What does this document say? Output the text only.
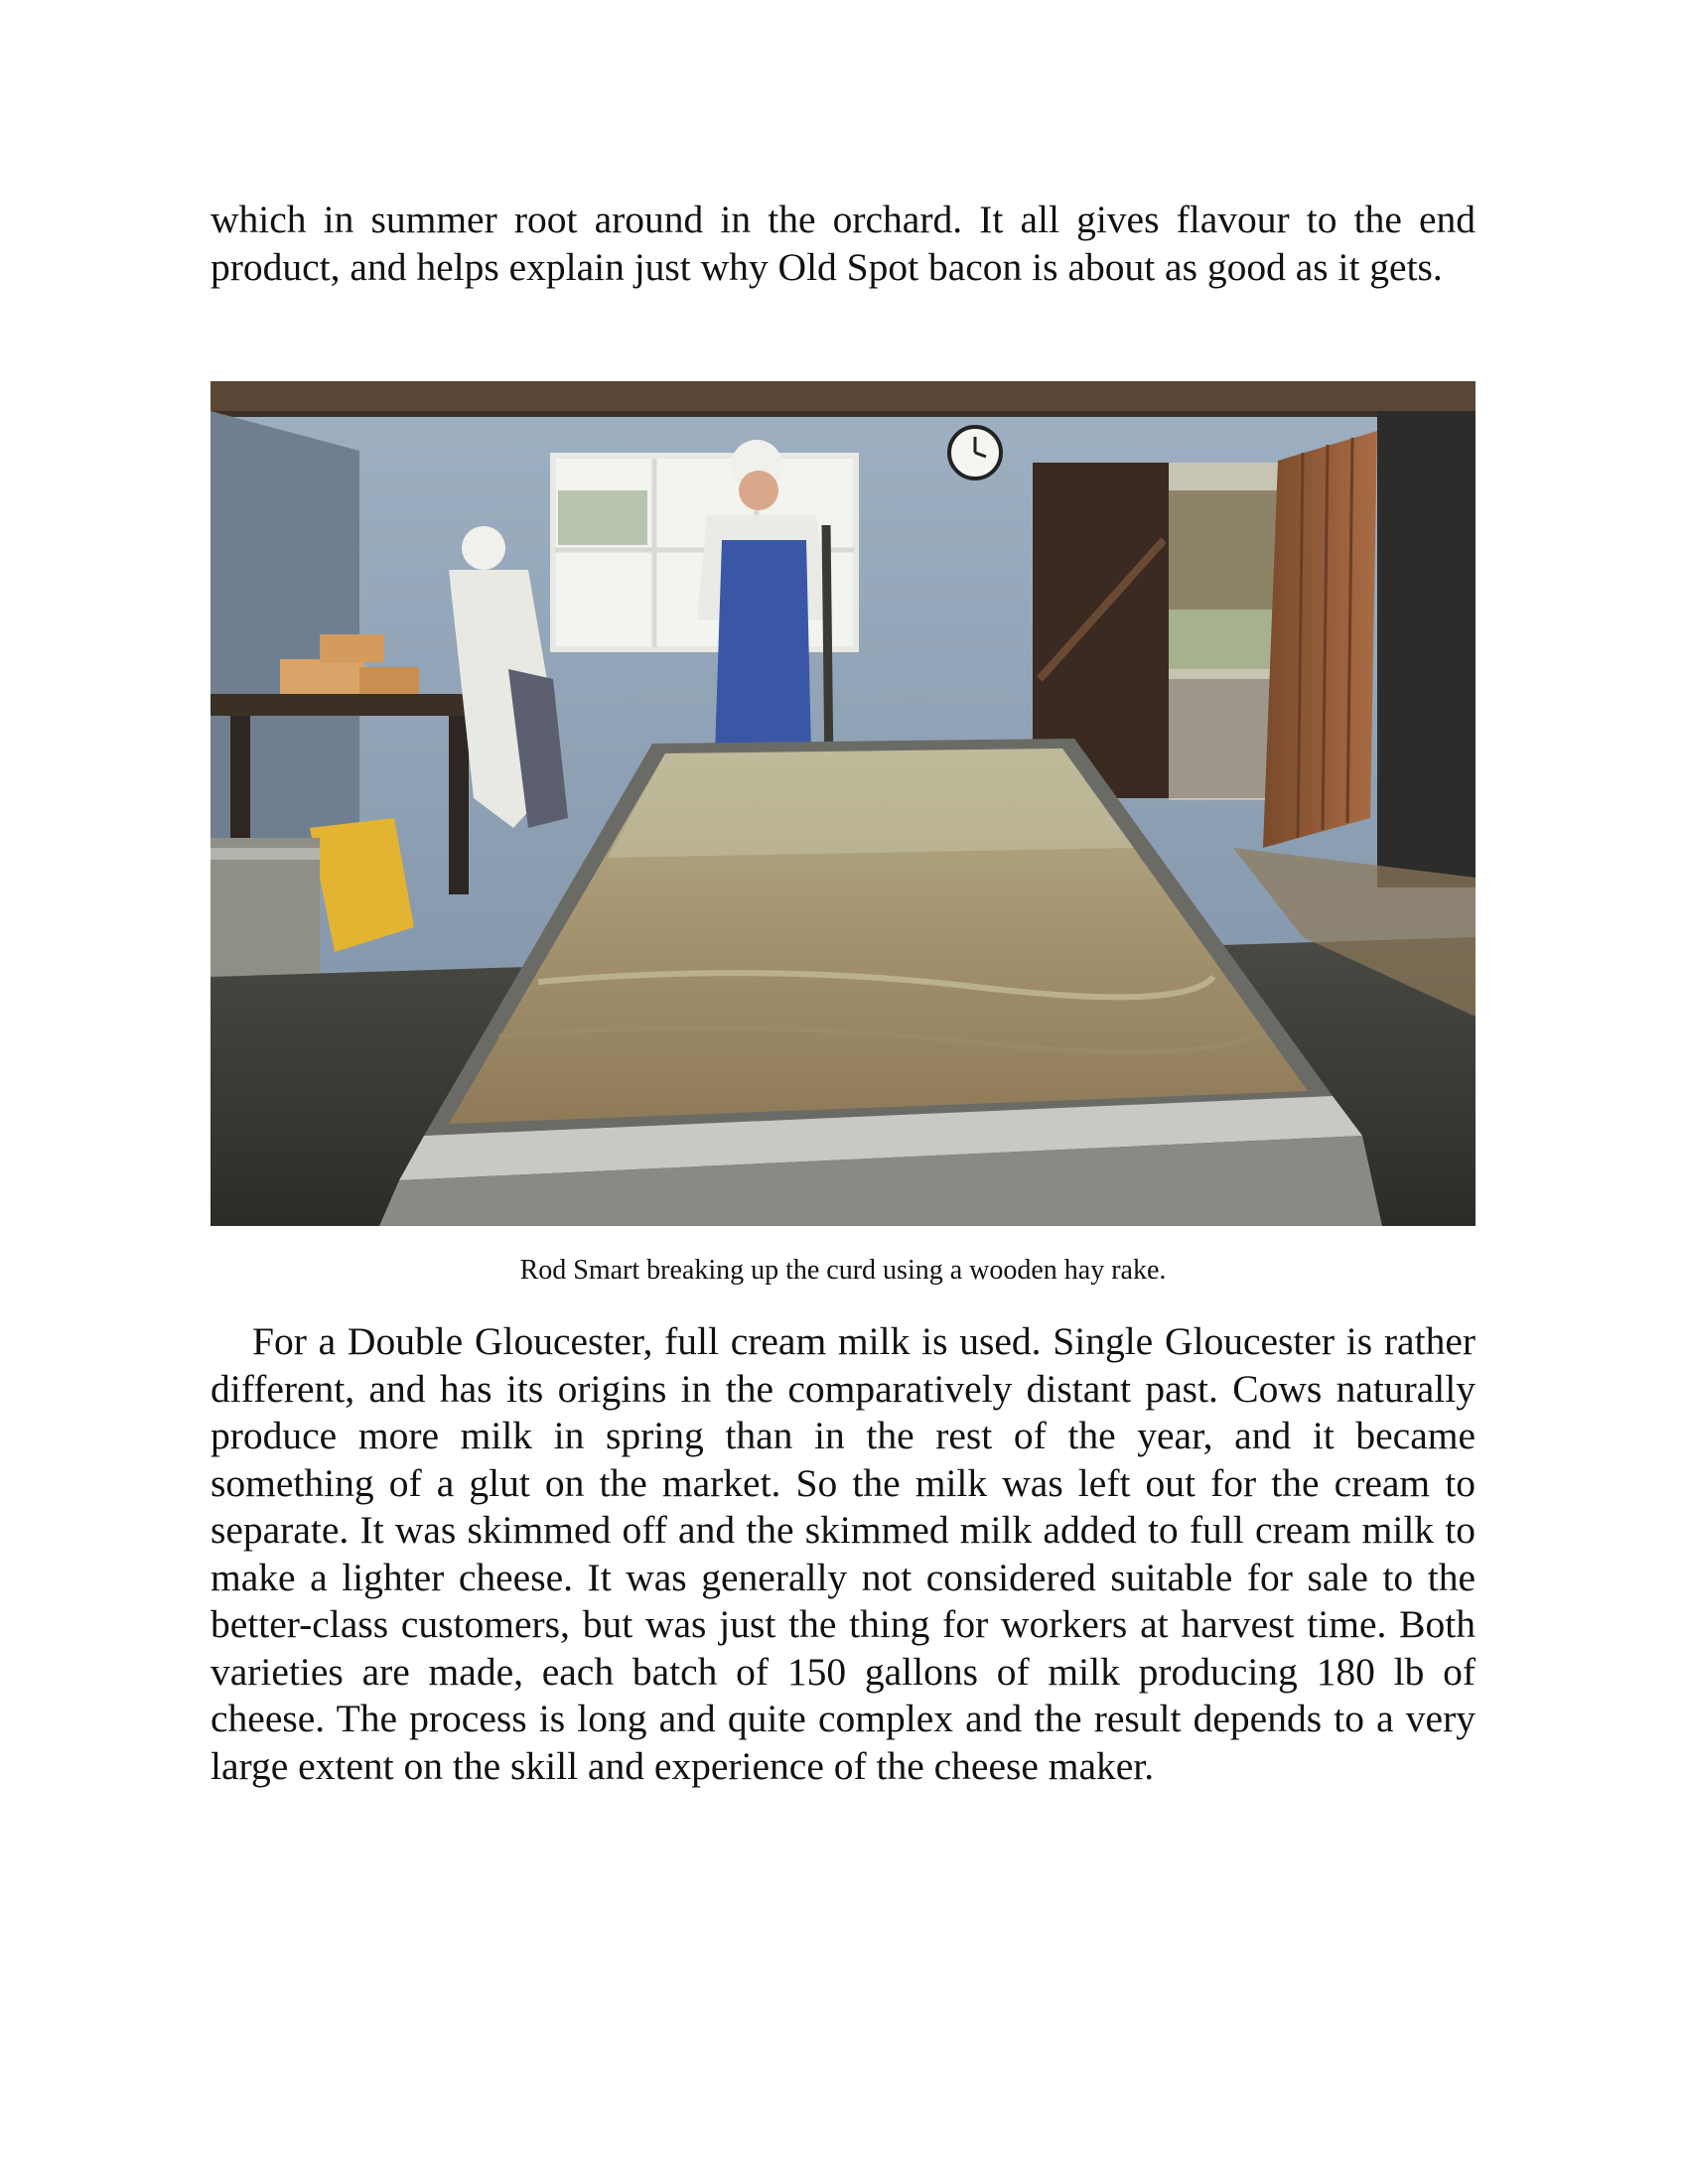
which in summer root around in the orchard. It all gives flavour to the end product, and helps explain just why Old Spot bacon is about as good as it gets.

Rod Smart breaking up the curd using a wooden hay rake.

For a Double Gloucester, full cream milk is used. Single Gloucester is rather different, and has its origins in the comparatively distant past. Cows naturally produce more milk in spring than in the rest of the year, and it became something of a glut on the market. So the milk was left out for the cream to separate. It was skimmed off and the skimmed milk added to full cream milk to make a lighter cheese. It was generally not considered suitable for sale to the better-class customers, but was just the thing for workers at harvest time. Both varieties are made, each batch of 150 gallons of milk producing 180 lb of cheese. The process is long and quite complex and the result depends to a very large extent on the skill and experience of the cheese maker.
